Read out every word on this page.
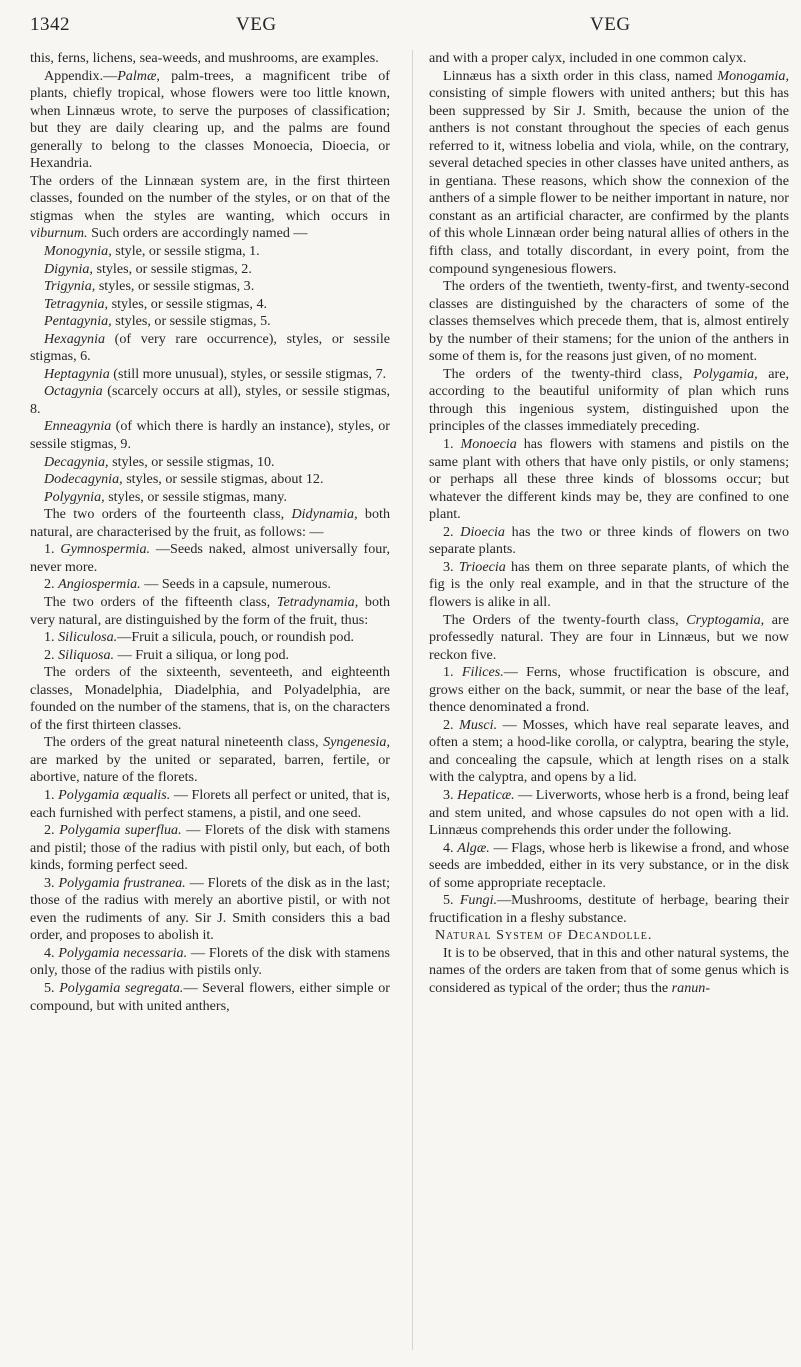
1342	VEG	VEG

this, ferns, lichens, sea-weeds, and mushrooms, are examples.

Appendix.—Palmæ, palm-trees, a magnificent tribe of plants, chiefly tropical, whose flowers were too little known, when Linnæus wrote, to serve the purposes of classification; but they are daily clearing up, and the palms are found generally to belong to the classes Monoecia, Dioecia, or Hexandria.

The orders of the Linnæan system are, in the first thirteen classes, founded on the number of the styles, or on that of the stigmas when the styles are wanting, which occurs in viburnum. Such orders are accordingly named —

Monogynia, style, or sessile stigma, 1.

Digynia, styles, or sessile stigmas, 2.

Trigynia, styles, or sessile stigmas, 3.

Tetragynia, styles, or sessile stigmas, 4.

Pentagynia, styles, or sessile stigmas, 5.

Hexagynia (of very rare occurrence), styles, or sessile stigmas, 6.

Heptagynia (still more unusual), styles, or sessile stigmas, 7.

Octagynia (scarcely occurs at all), styles, or sessile stigmas, 8.

Enneagynia (of which there is hardly an instance), styles, or sessile stigmas, 9.

Decagynia, styles, or sessile stigmas, 10.

Dodecagynia, styles, or sessile stigmas, about 12.

Polygynia, styles, or sessile stigmas, many.

The two orders of the fourteenth class, Didynamia, both natural, are characterised by the fruit, as follows: —

1. Gymnospermia. —Seeds naked, almost universally four, never more.

2. Angiospermia. — Seeds in a capsule, numerous.

The two orders of the fifteenth class, Tetradynamia, both very natural, are distinguished by the form of the fruit, thus:

1. Siliculosa.—Fruit a silicula, pouch, or roundish pod.

2. Siliquosa. — Fruit a siliqua, or long pod.

The orders of the sixteenth, seventeeth, and eighteenth classes, Monadelphia, Diadelphia, and Polyadelphia, are founded on the number of the stamens, that is, on the characters of the first thirteen classes.

The orders of the great natural nineteenth class, Syngenesia, are marked by the united or separated, barren, fertile, or abortive, nature of the florets.

1. Polygamia æqualis. — Florets all perfect or united, that is, each furnished with perfect stamens, a pistil, and one seed.

2. Polygamia superflua. — Florets of the disk with stamens and pistil; those of the radius with pistil only, but each, of both kinds, forming perfect seed.

3. Polygamia frustranea. — Florets of the disk as in the last; those of the radius with merely an abortive pistil, or with not even the rudiments of any. Sir J. Smith considers this a bad order, and proposes to abolish it.

4. Polygamia necessaria. — Florets of the disk with stamens only, those of the radius with pistils only.

5. Polygamia segregata.— Several flowers, either simple or compound, but with united anthers,

and with a proper calyx, included in one common calyx.

Linnæus has a sixth order in this class, named Monogamia, consisting of simple flowers with united anthers; but this has been suppressed by Sir J. Smith, because the union of the anthers is not constant throughout the species of each genus referred to it, witness lobelia and viola, while, on the contrary, several detached species in other classes have united anthers, as in gentiana. These reasons, which show the connexion of the anthers of a simple flower to be neither important in nature, nor constant as an artificial character, are confirmed by the plants of this whole Linnæan order being natural allies of others in the fifth class, and totally discordant, in every point, from the compound syngenesious flowers.

The orders of the twentieth, twenty-first, and twenty-second classes are distinguished by the characters of some of the classes themselves which precede them, that is, almost entirely by the number of their stamens; for the union of the anthers in some of them is, for the reasons just given, of no moment.

The orders of the twenty-third class, Polygamia, are, according to the beautiful uniformity of plan which runs through this ingenious system, distinguished upon the principles of the classes immediately preceding.

1. Monoecia has flowers with stamens and pistils on the same plant with others that have only pistils, or only stamens; or perhaps all these three kinds of blossoms occur; but whatever the different kinds may be, they are confined to one plant.

2. Dioecia has the two or three kinds of flowers on two separate plants.

3. Trioecia has them on three separate plants, of which the fig is the only real example, and in that the structure of the flowers is alike in all.

The Orders of the twenty-fourth class, Cryptogamia, are professedly natural. They are four in Linnæus, but we now reckon five.

1. Filices.— Ferns, whose fructification is obscure, and grows either on the back, summit, or near the base of the leaf, thence denominated a frond.

2. Musci. — Mosses, which have real separate leaves, and often a stem; a hood-like corolla, or calyptra, bearing the style, and concealing the capsule, which at length rises on a stalk with the calyptra, and opens by a lid.

3. Hepaticæ. — Liverworts, whose herb is a frond, being leaf and stem united, and whose capsules do not open with a lid. Linnæus comprehends this order under the following.

4. Algæ. — Flags, whose herb is likewise a frond, and whose seeds are imbedded, either in its very substance, or in the disk of some appropriate receptacle.

5. Fungi.—Mushrooms, destitute of herbage, bearing their fructification in a fleshy substance.

Natural System of Decandolle.

It is to be observed, that in this and other natural systems, the names of the orders are taken from that of some genus which is considered as typical of the order; thus the ranun-
